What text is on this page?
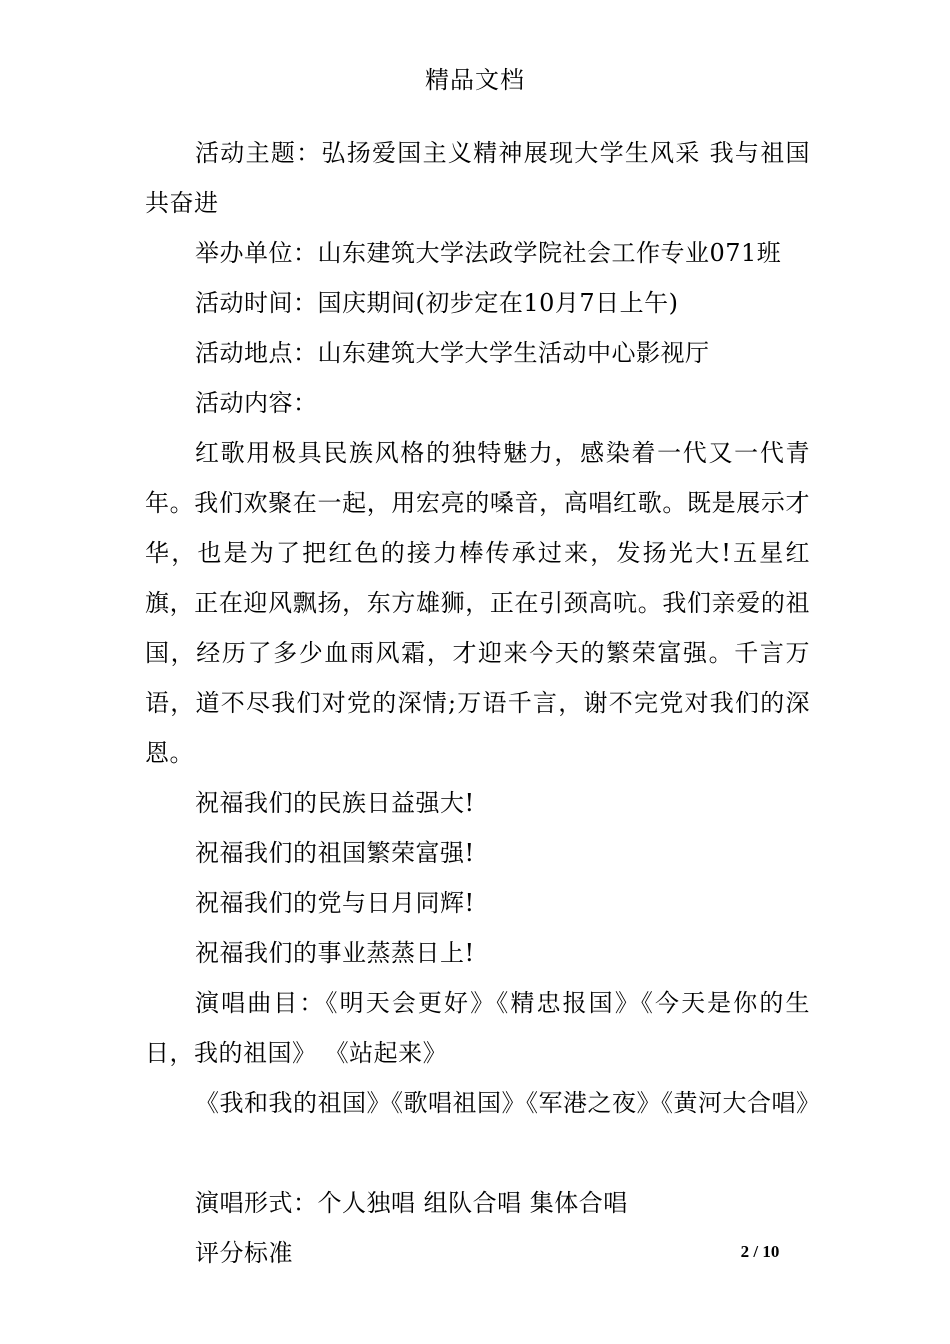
精品文档

活动主题：弘扬爱国主义精神展现大学生风采 我与祖国共奋进

举办单位：山东建筑大学法政学院社会工作专业071班

活动时间：国庆期间(初步定在10月7日上午)

活动地点：山东建筑大学大学生活动中心影视厅

活动内容：

红歌用极具民族风格的独特魅力，感染着一代又一代青年。我们欢聚在一起，用宏亮的嗓音，高唱红歌。既是展示才华，也是为了把红色的接力棒传承过来，发扬光大!五星红旗，正在迎风飘扬，东方雄狮，正在引颈高吭。我们亲爱的祖国，经历了多少血雨风霜，才迎来今天的繁荣富强。千言万语，道不尽我们对党的深情;万语千言，谢不完党对我们的深恩。

祝福我们的民族日益强大!

祝福我们的祖国繁荣富强!

祝福我们的党与日月同辉!

祝福我们的事业蒸蒸日上!

演唱曲目：《明天会更好》《精忠报国》《今天是你的生日，我的祖国》 《站起来》

《我和我的祖国》《歌唱祖国》《军港之夜》《黄河大合唱》

演唱形式：个人独唱 组队合唱 集体合唱

评分标准	2 / 10
